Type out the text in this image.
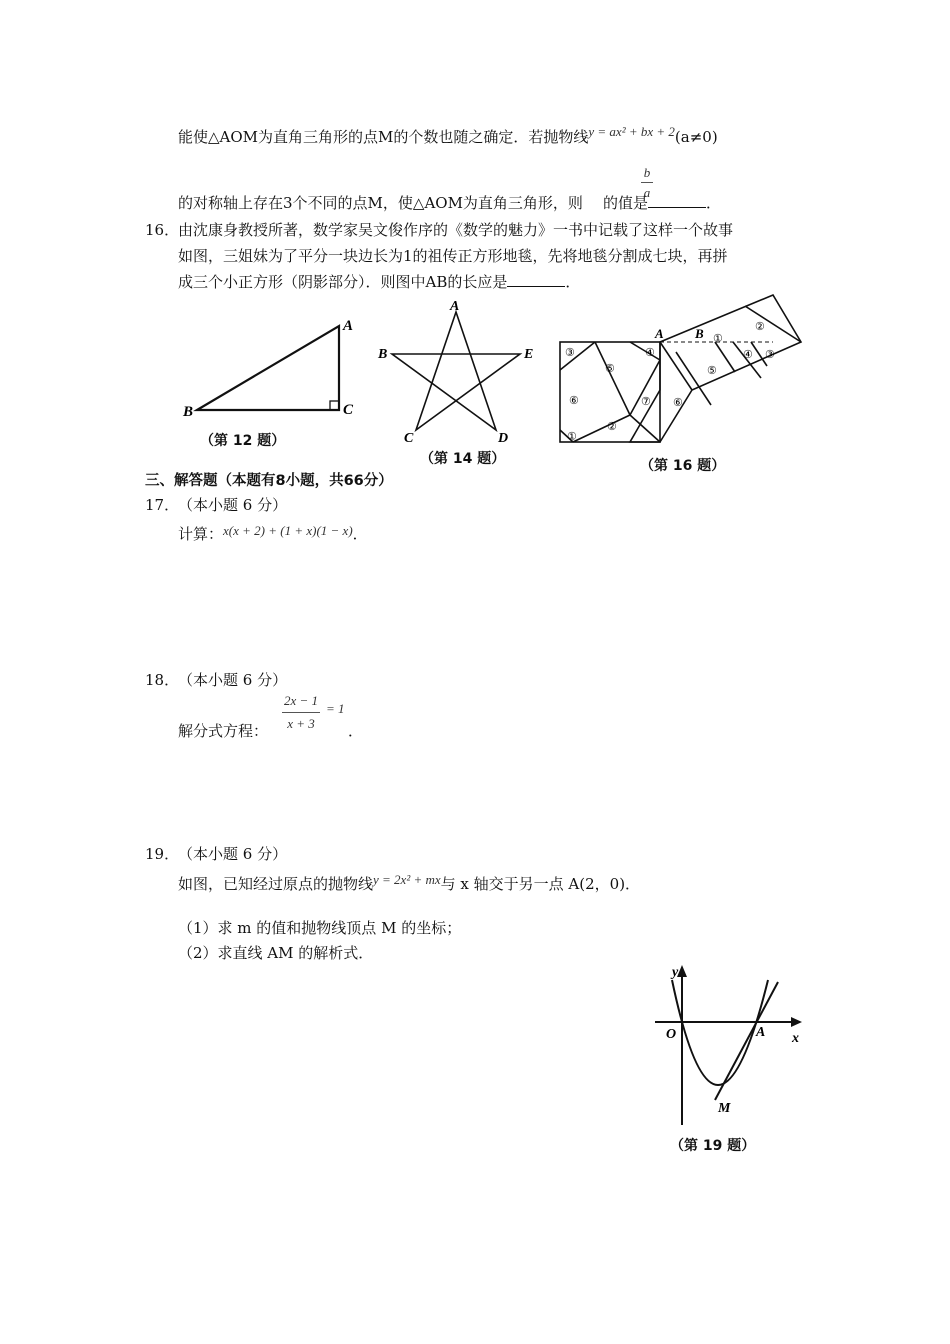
能使△AOM为直角三角形的点M的个数也随之确定．若抛物线y = ax² + bx + 2(a≠0)
b
a
的对称轴上存在3个不同的点M，使△AOM为直角三角形，则 的值是	．
16．
由沈康身教授所著，数学家吴文俊作序的《数学的魅力》一书中记载了这样一个故事
如图，三姐妹为了平分一块边长为1的祖传正方形地毯，先将地毯分割成七块，再拼
成三个小正方形（阴影部分）．则图中AB的长应是	．
A
B	C
（第 12 题）
A
B
C	D
E
（第 14 题）
A B
③
⑤
④
⑥	⑦ ⑥
①
②
①
②
⑤
④ ③
（第 16 题）
三、解答题（本题有8小题，共66分）
17．
（本小题 6 分）
计算：x(x + 2) + (1 + x)(1 − x)．
18．
（本小题 6 分）
解分式方程：
2x − 1
x + 3
= 1
．
19．
（本小题 6 分）
如图，已知经过原点的抛物线y = 2x² + mx与 x 轴交于另一点 A(2，0)．
（1）求 m 的值和抛物线顶点 M 的坐标；
（2）求直线 AM 的解析式．
y
x
O	A
M
（第 19 题）
